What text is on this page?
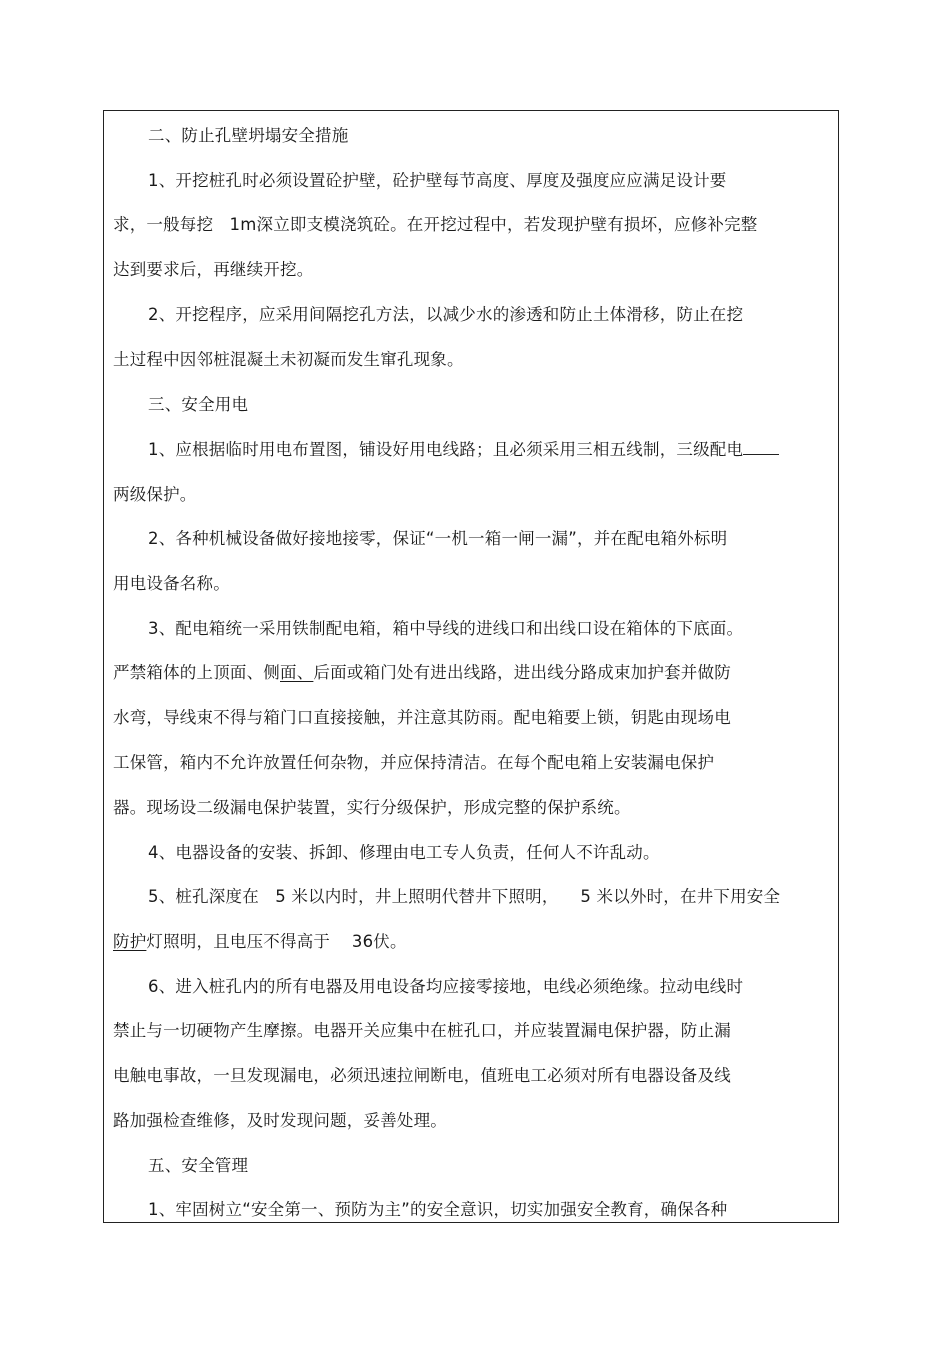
二、防止孔壁坍塌安全措施
1、开挖桩孔时必须设置砼护壁，砼护壁每节高度、厚度及强度应应满足设计要
求，一般每挖   1m深立即支模浇筑砼。在开挖过程中，若发现护壁有损坏，应修补完整
达到要求后，再继续开挖。
2、开挖程序，应采用间隔挖孔方法，以减少水的渗透和防止土体滑移，防止在挖
土过程中因邻桩混凝土未初凝而发生窜孔现象。
三、安全用电
1、应根据临时用电布置图，铺设好用电线路；且必须采用三相五线制，三级配电
两级保护。
2、各种机械设备做好接地接零，保证“一机一箱一闸一漏”，并在配电箱外标明
用电设备名称。
3、配电箱统一采用铁制配电箱，箱中导线的进线口和出线口设在箱体的下底面。
严禁箱体的上顶面、侧面、后面或箱门处有进出线路，进出线分路成束加护套并做防
水弯，导线束不得与箱门口直接接触，并注意其防雨。配电箱要上锁，钥匙由现场电
工保管，箱内不允许放置任何杂物，并应保持清洁。在每个配电箱上安装漏电保护
器。现场设二级漏电保护装置，实行分级保护，形成完整的保护系统。
4、电器设备的安装、拆卸、修理由电工专人负责，任何人不许乱动。
5、桩孔深度在   5 米以内时，井上照明代替井下照明，    5 米以外时，在井下用安全
防护灯照明，且电压不得高于    36伏。
6、进入桩孔内的所有电器及用电设备均应接零接地，电线必须绝缘。拉动电线时
禁止与一切硬物产生摩擦。电器开关应集中在桩孔口，并应装置漏电保护器，防止漏
电触电事故，一旦发现漏电，必须迅速拉闸断电，值班电工必须对所有电器设备及线
路加强检查维修，及时发现问题，妥善处理。
五、安全管理
1、牢固树立“安全第一、预防为主”的安全意识，切实加强安全教育，确保各种
